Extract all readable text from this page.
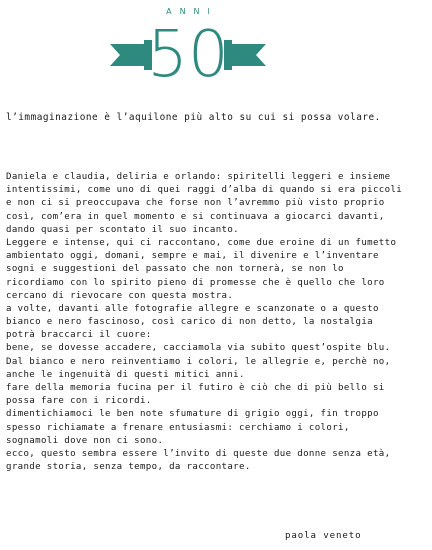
50
ANNI
l’immaginazione è l’aquilone più alto su cui si possa volare.
Daniela e claudia, deliria e orlando: spiritelli leggeri e insieme
intentissimi, come uno di quei raggi d’alba di quando si era piccoli
e non ci si preoccupava che forse non l’avremmo più visto proprio
così, com’era in quel momento e si continuava a giocarci davanti,
dando quasi per scontato il suo incanto.
Leggere e intense, qui ci raccontano, come due eroine di un fumetto
ambientato oggi, domani, sempre e mai, il divenire e l’inventare
sogni e suggestioni del passato che non tornerà, se non lo
ricordiamo con lo spirito pieno di promesse che è quello che loro
cercano di rievocare con questa mostra.
a volte, davanti alle fotografie allegre e scanzonate o a questo
bianco e nero fascinoso, così carico di non detto, la nostalgia
potrà braccarci il cuore:
bene, se dovesse accadere, cacciamola via subito quest’ospite blu.
Dal bianco e nero reinventiamo i colori, le allegrie e, perchè no,
anche le ingenuità di questi mitici anni.
fare della memoria fucina per il futiro è ciò che di più bello si
possa fare con i ricordi.
dimentichiamoci le ben note sfumature di grigio oggi, fin troppo
spesso richiamate a frenare entusiasmi: cerchiamo i colori,
sognamoli dove non ci sono.
ecco, questo sembra essere l’invito di queste due donne senza età,
grande storia, senza tempo, da raccontare.
paola veneto
